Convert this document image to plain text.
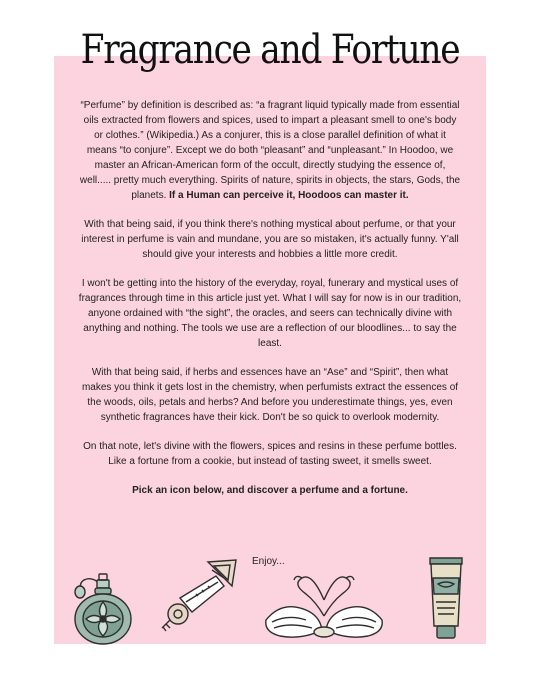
Fragrance and Fortune

“Perfume” by definition is described as: “a fragrant liquid typically made from essential oils extracted from flowers and spices, used to impart a pleasant smell to one's body or clothes.” (Wikipedia.) As a conjurer, this is a close parallel definition of what it means “to conjure”. Except we do both “pleasant” and “unpleasant.” In Hoodoo, we master an African-American form of the occult, directly studying the essence of, well..... pretty much everything. Spirits of nature, spirits in objects, the stars, Gods, the planets. If a Human can perceive it, Hoodoos can master it.

With that being said, if you think there's nothing mystical about perfume, or that your interest in perfume is vain and mundane, you are so mistaken, it's actually funny. Y'all should give your interests and hobbies a little more credit.

I won't be getting into the history of the everyday, royal, funerary and mystical uses of fragrances through time in this article just yet. What I will say for now is in our tradition, anyone ordained with “the sight”, the oracles, and seers can technically divine with anything and nothing. The tools we use are a reflection of our bloodlines... to say the least.

With that being said, if herbs and essences have an “Ase” and “Spirit”, then what makes you think it gets lost in the chemistry, when perfumists extract the essences of the woods, oils, petals and herbs? And before you underestimate things, yes, even synthetic fragrances have their kick. Don't be so quick to overlook modernity.

On that note, let's divine with the flowers, spices and resins in these perfume bottles. Like a fortune from a cookie, but instead of tasting sweet, it smells sweet.

Pick an icon below, and discover a perfume and a fortune.

Enjoy...
